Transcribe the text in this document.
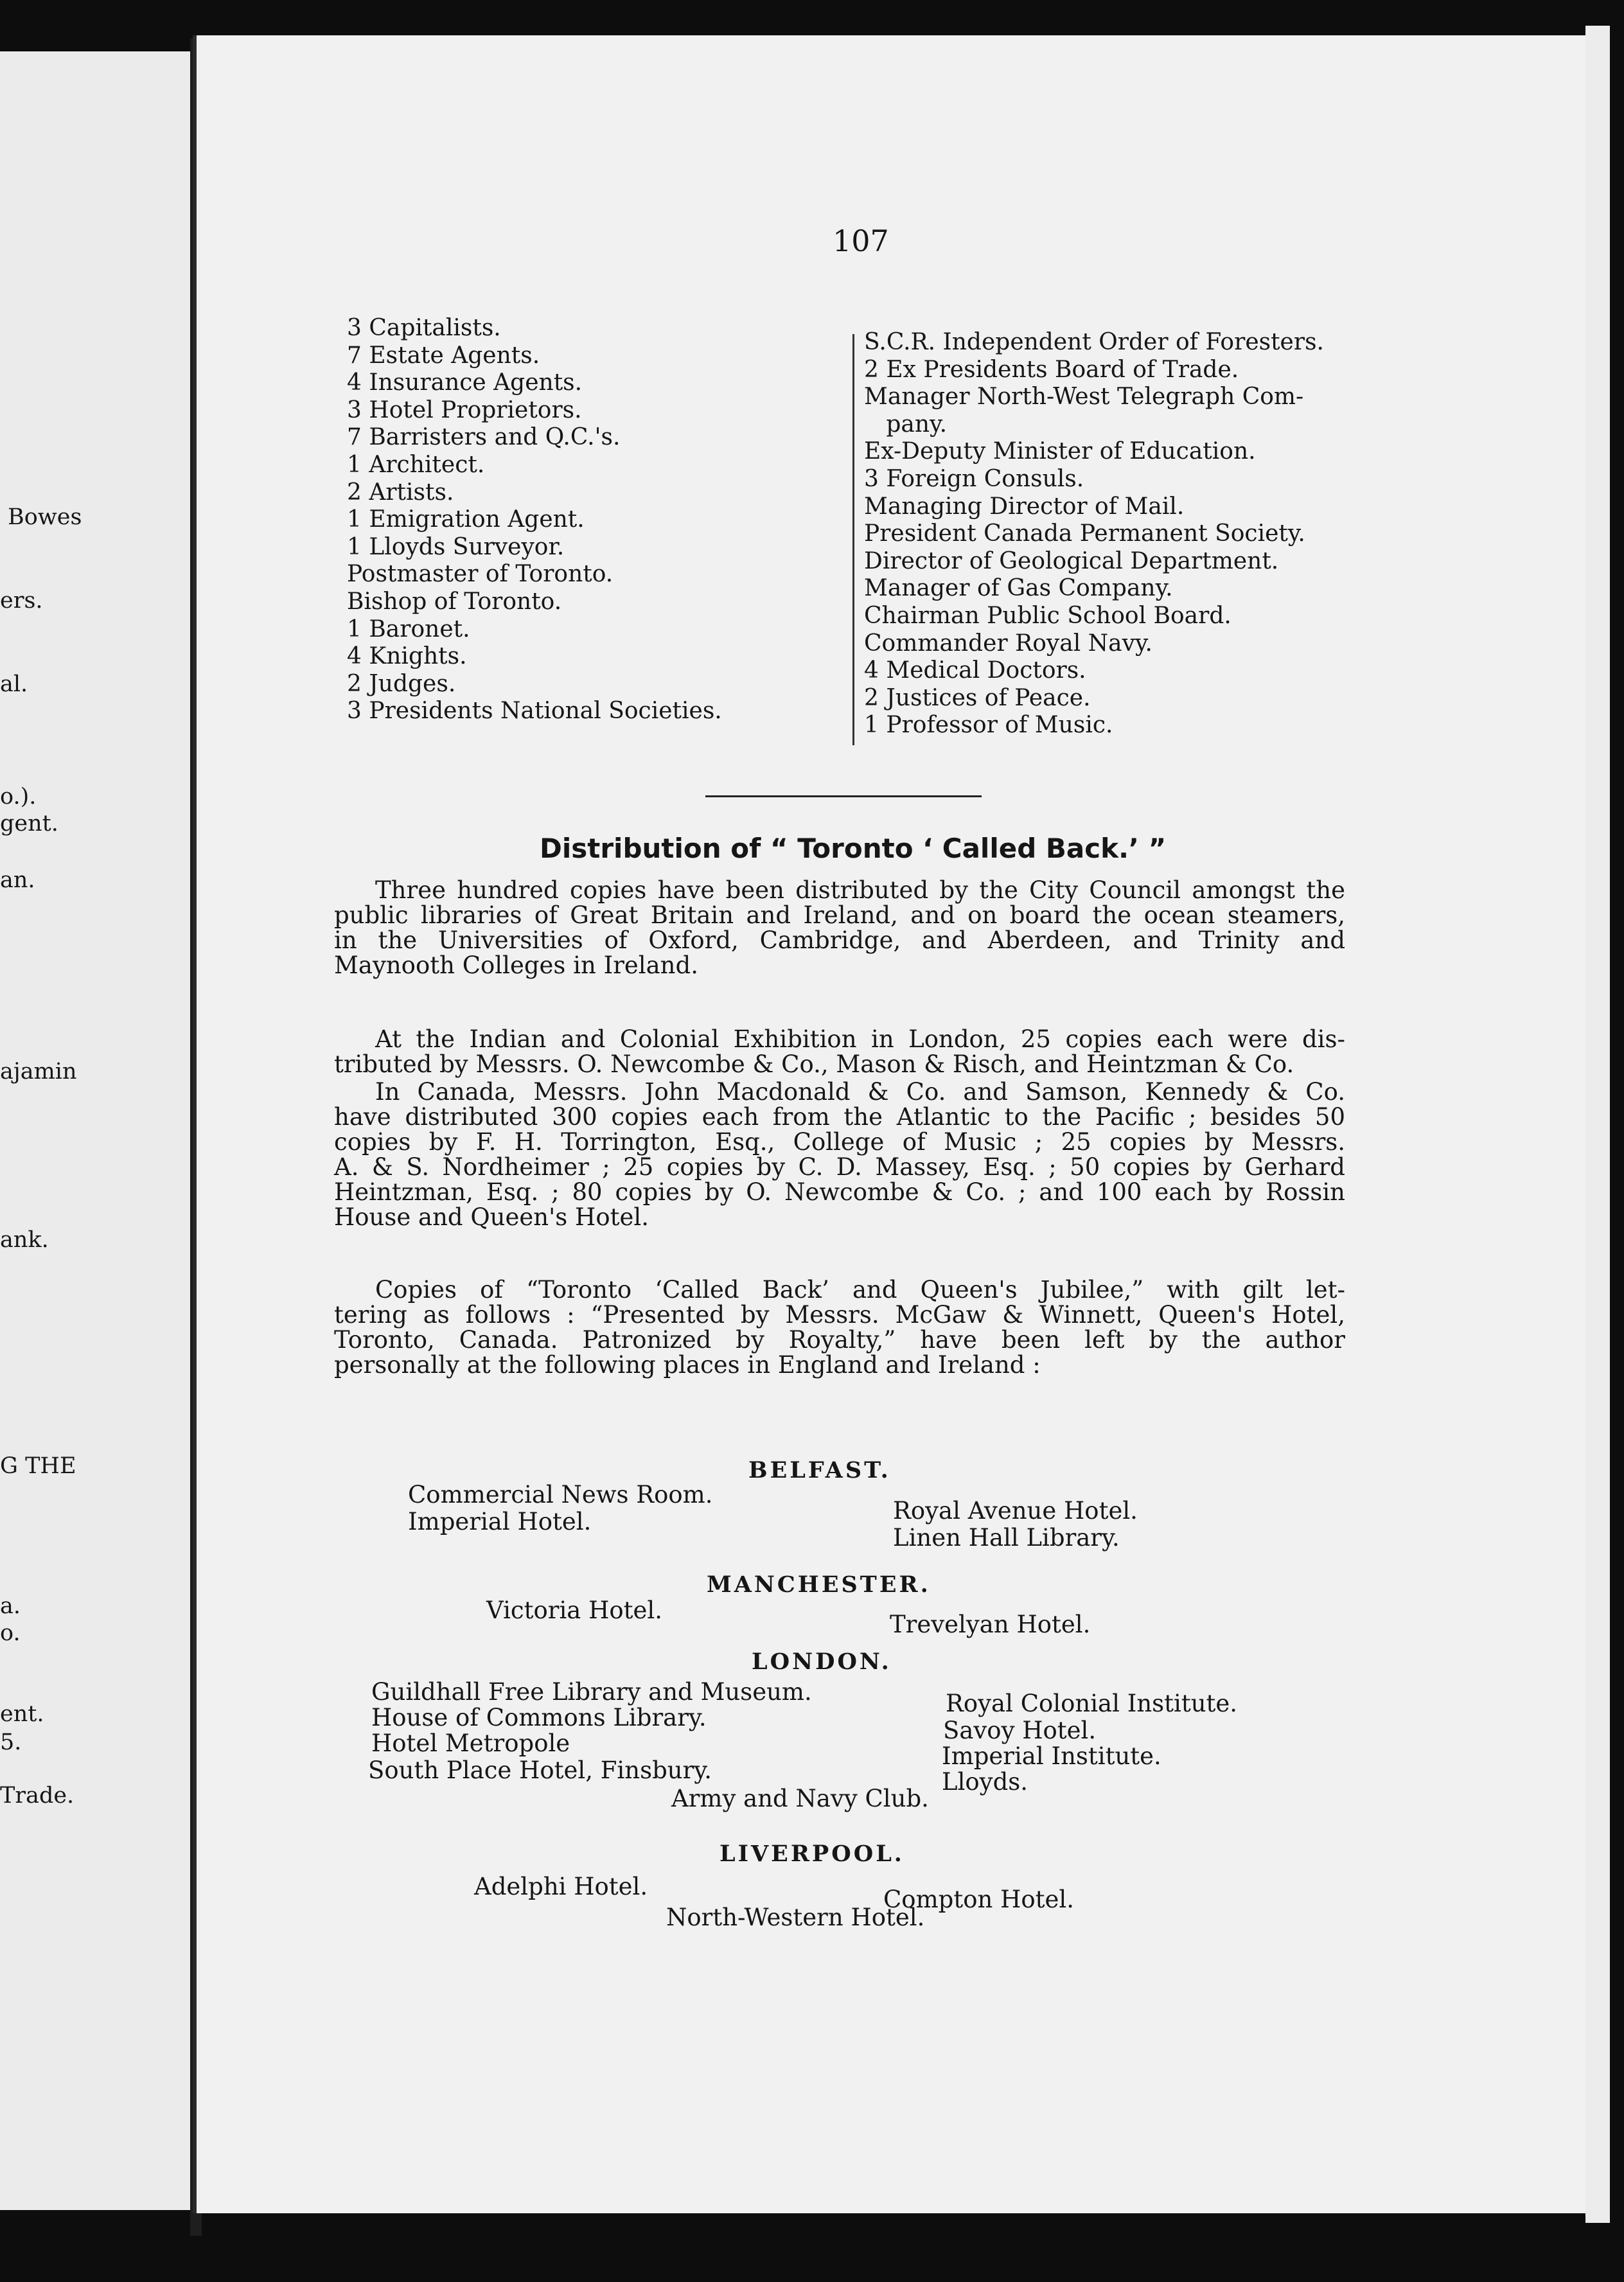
Bowes
ers.
al.
o.).
gent.
an.
ajamin
ank.
G THE
a.
o.
ent.
5.
Trade.
107
3 Capitalists.
7 Estate Agents.
4 Insurance Agents.
3 Hotel Proprietors.
7 Barristers and Q.C.'s.
1 Architect.
2 Artists.
1 Emigration Agent.
1 Lloyds Surveyor.
Postmaster of Toronto.
Bishop of Toronto.
1 Baronet.
4 Knights.
2 Judges.
3 Presidents National Societies.
S.C.R. Independent Order of Foresters.
2 Ex Presidents Board of Trade.
Manager North-West Telegraph Com-
pany.
Ex-Deputy Minister of Education.
3 Foreign Consuls.
Managing Director of Mail.
President Canada Permanent Society.
Director of Geological Department.
Manager of Gas Company.
Chairman Public School Board.
Commander Royal Navy.
4 Medical Doctors.
2 Justices of Peace.
1 Professor of Music.
Distribution of “ Toronto ‘ Called Back.’ ”
Three hundred copies have been distributed by the City Council amongst the
public libraries of Great Britain and Ireland, and on board the ocean steamers,
in the Universities of Oxford, Cambridge, and Aberdeen, and Trinity and
Maynooth Colleges in Ireland.
At the Indian and Colonial Exhibition in London, 25 copies each were dis-
tributed by Messrs. O. Newcombe & Co., Mason & Risch, and Heintzman & Co.
In Canada, Messrs. John Macdonald & Co. and Samson, Kennedy & Co.
have distributed 300 copies each from the Atlantic to the Pacific ; besides 50
copies by F. H. Torrington, Esq., College of Music ; 25 copies by Messrs.
A. & S. Nordheimer ; 25 copies by C. D. Massey, Esq. ; 50 copies by Gerhard
Heintzman, Esq. ; 80 copies by O. Newcombe & Co. ; and 100 each by Rossin
House and Queen's Hotel.
Copies of “Toronto ‘Called Back’ and Queen's Jubilee,” with gilt let-
tering as follows : “Presented by Messrs. McGaw & Winnett, Queen's Hotel,
Toronto, Canada. Patronized by Royalty,” have been left by the author
personally at the following places in England and Ireland :
BELFAST.
Commercial News Room.
Imperial Hotel.	Royal Avenue Hotel.
Linen Hall Library.
MANCHESTER.
Victoria Hotel.
Trevelyan Hotel.
LONDON.
Guildhall Free Library and Museum.
House of Commons Library.
Hotel Metropole
South Place Hotel, Finsbury.
Royal Colonial Institute.
Savoy Hotel.
Imperial Institute.
Lloyds.
Army and Navy Club.
LIVERPOOL.
Adelphi Hotel.	Compton Hotel.
North-Western Hotel.
